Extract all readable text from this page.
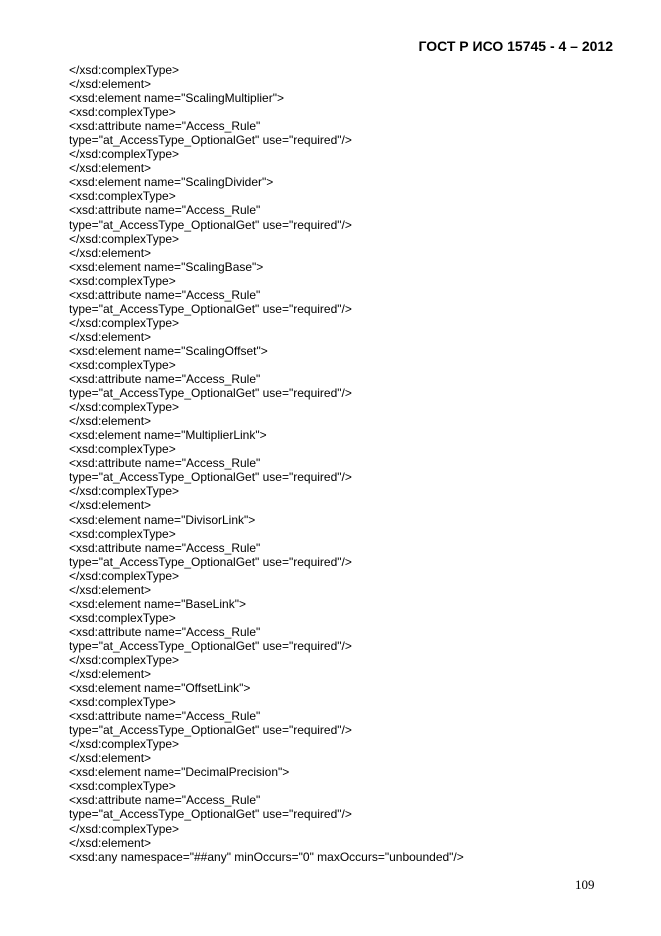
ГОСТ Р ИСО 15745 - 4 – 2012
</xsd:complexType>
</xsd:element>
<xsd:element name="ScalingMultiplier">
<xsd:complexType>
<xsd:attribute name="Access_Rule"
type="at_AccessType_OptionalGet" use="required"/>
</xsd:complexType>
</xsd:element>
<xsd:element name="ScalingDivider">
<xsd:complexType>
<xsd:attribute name="Access_Rule"
type="at_AccessType_OptionalGet" use="required"/>
</xsd:complexType>
</xsd:element>
<xsd:element name="ScalingBase">
<xsd:complexType>
<xsd:attribute name="Access_Rule"
type="at_AccessType_OptionalGet" use="required"/>
</xsd:complexType>
</xsd:element>
<xsd:element name="ScalingOffset">
<xsd:complexType>
<xsd:attribute name="Access_Rule"
type="at_AccessType_OptionalGet" use="required"/>
</xsd:complexType>
</xsd:element>
<xsd:element name="MultiplierLink">
<xsd:complexType>
<xsd:attribute name="Access_Rule"
type="at_AccessType_OptionalGet" use="required"/>
</xsd:complexType>
</xsd:element>
<xsd:element name="DivisorLink">
<xsd:complexType>
<xsd:attribute name="Access_Rule"
type="at_AccessType_OptionalGet" use="required"/>
</xsd:complexType>
</xsd:element>
<xsd:element name="BaseLink">
<xsd:complexType>
<xsd:attribute name="Access_Rule"
type="at_AccessType_OptionalGet" use="required"/>
</xsd:complexType>
</xsd:element>
<xsd:element name="OffsetLink">
<xsd:complexType>
<xsd:attribute name="Access_Rule"
type="at_AccessType_OptionalGet" use="required"/>
</xsd:complexType>
</xsd:element>
<xsd:element name="DecimalPrecision">
<xsd:complexType>
<xsd:attribute name="Access_Rule"
type="at_AccessType_OptionalGet" use="required"/>
</xsd:complexType>
</xsd:element>
<xsd:any namespace="##any" minOccurs="0" maxOccurs="unbounded"/>
109
